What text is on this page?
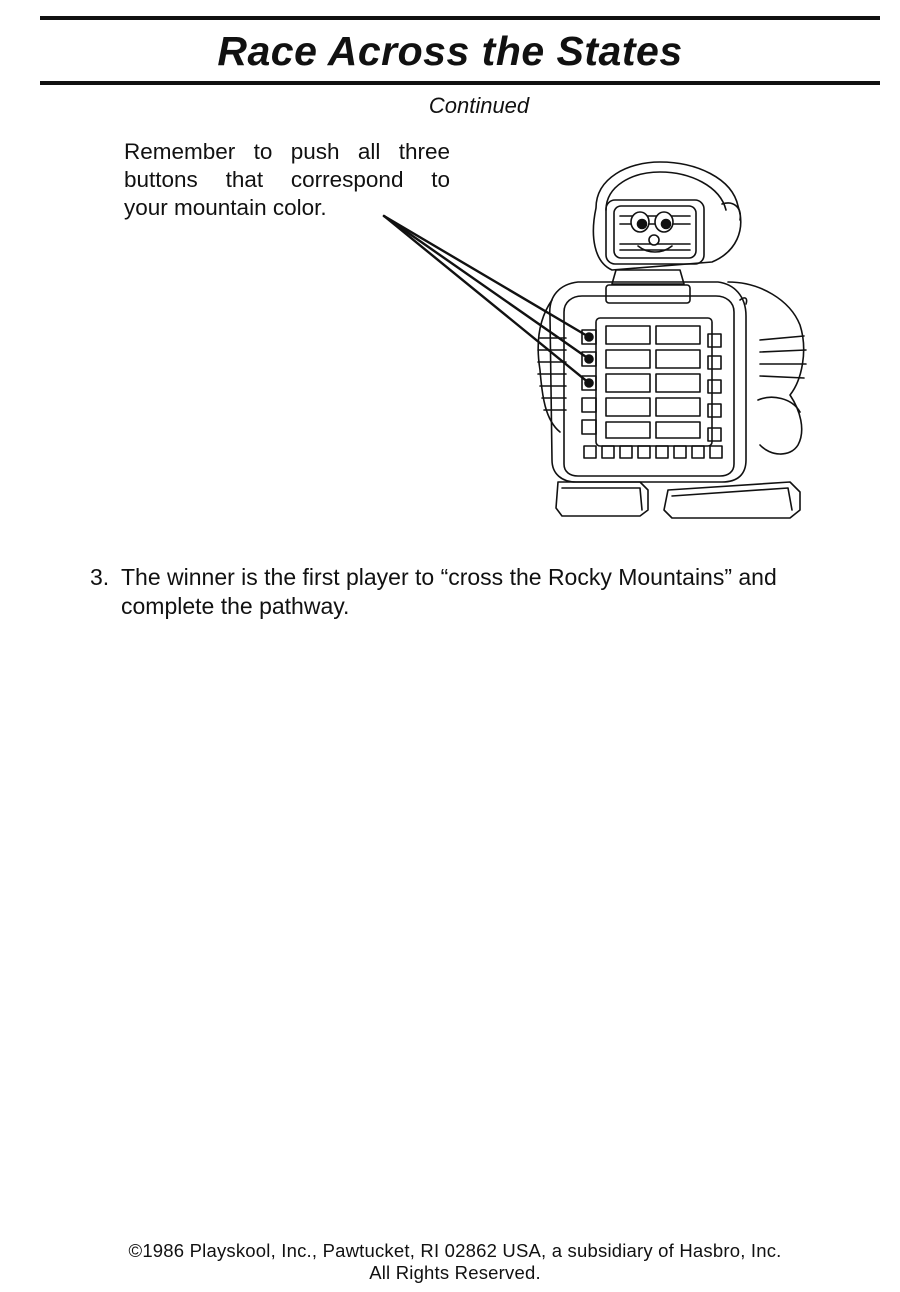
Race Across the States
Continued
Remember to push all three
buttons that correspond to
your mountain color.
3. The winner is the first player to “cross the Rocky Mountains” and complete the pathway.
©1986 Playskool, Inc., Pawtucket, RI 02862 USA, a subsidiary of Hasbro, Inc.
All Rights Reserved.
